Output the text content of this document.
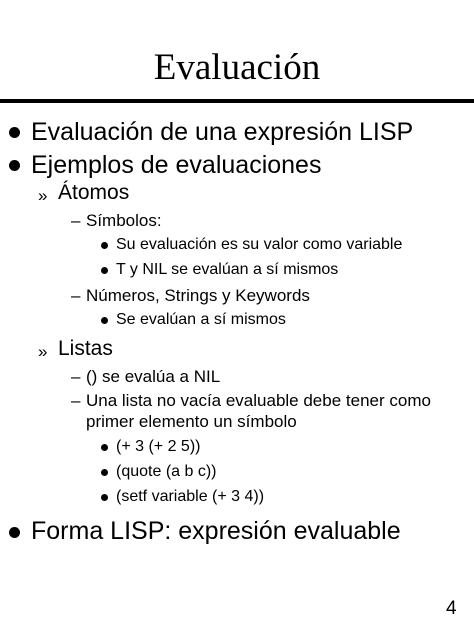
Evaluación
Evaluación de una expresión LISP
Ejemplos de evaluaciones
» Átomos
– Símbolos:
Su evaluación es su valor como variable
T y NIL se evalúan a sí mismos
– Números, Strings y Keywords
Se evalúan a sí mismos
» Listas
– () se evalúa a NIL
– Una lista no vacía evaluable debe tener como
primer elemento un símbolo
(+ 3 (+ 2 5))
(quote (a b c))
(setf variable (+ 3 4))
Forma LISP: expresión evaluable
4
